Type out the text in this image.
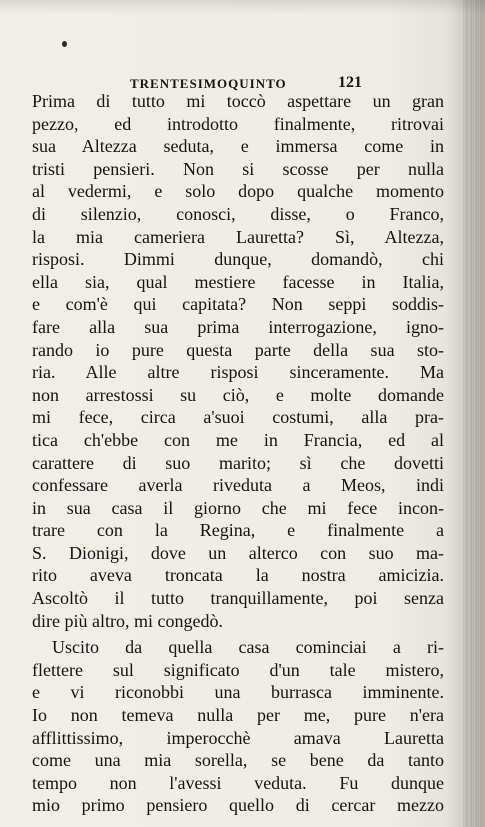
TRENTESIMOQUINTO	121
Prima di tutto mi toccò aspettare un gran
pezzo, ed introdotto finalmente, ritrovai
sua Altezza seduta, e immersa come in
tristi pensieri. Non si scosse per nulla
al vedermi, e solo dopo qualche momento
di silenzio, conosci, disse, o Franco,
la mia cameriera Lauretta? Sì, Altezza,
risposi. Dimmi dunque, domandò, chi
ella sia, qual mestiere facesse in Italia,
e com'è qui capitata? Non seppi soddis-
fare alla sua prima interrogazione, igno-
rando io pure questa parte della sua sto-
ria. Alle altre risposi sinceramente. Ma
non arrestossi su ciò, e molte domande
mi fece, circa a'suoi costumi, alla pra-
tica ch'ebbe con me in Francia, ed al
carattere di suo marito; sì che dovetti
confessare averla riveduta a Meos, indi
in sua casa il giorno che mi fece incon-
trare con la Regina, e finalmente a
S. Dionigi, dove un alterco con suo ma-
rito aveva troncata la nostra amicizia.
Ascoltò il tutto tranquillamente, poi senza
dire più altro, mi congedò.
Uscito da quella casa cominciai a ri-
flettere sul significato d'un tale mistero,
e vi riconobbi una burrasca imminente.
Io non temeva nulla per me, pure n'era
afflittissimo, imperocchè amava Lauretta
come una mia sorella, se bene da tanto
tempo non l'avessi veduta. Fu dunque
mio primo pensiero quello di cercar mezzo
